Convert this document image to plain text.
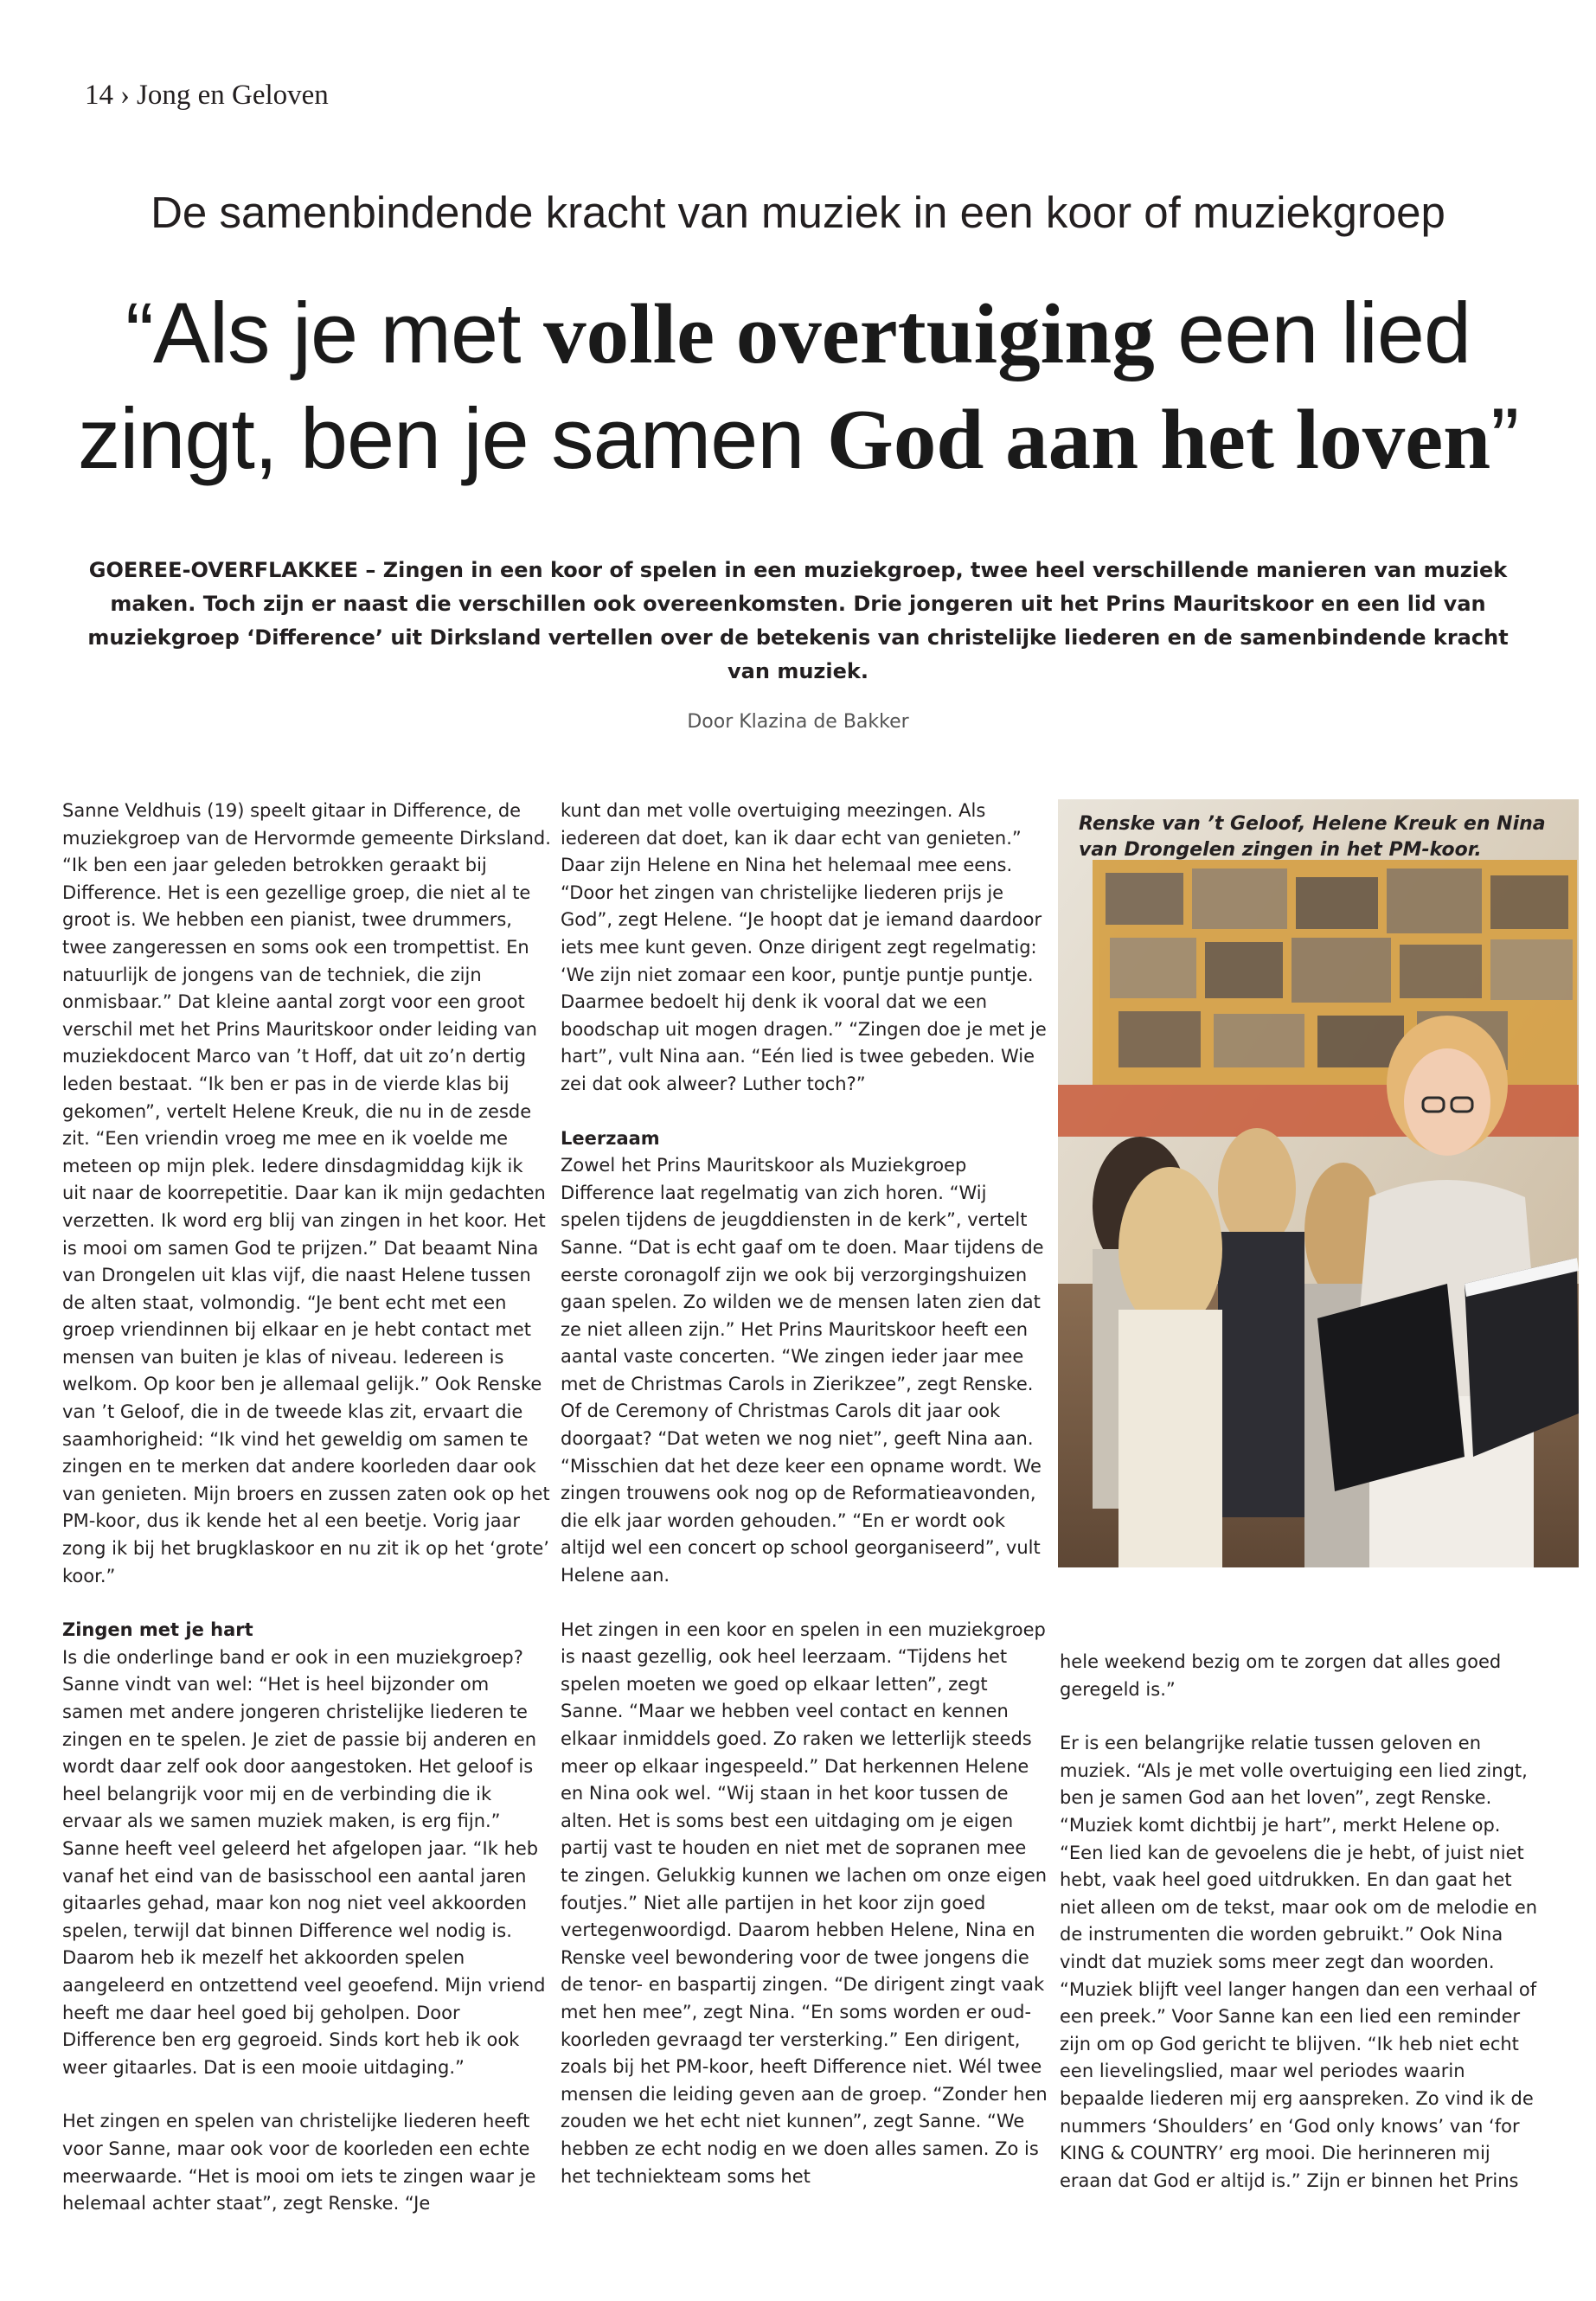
14 › Jong en Geloven
De samenbindende kracht van muziek in een koor of muziekgroep
“Als je met volle overtuiging een lied
zingt, ben je samen God aan het loven”
GOEREE-OVERFLAKKEE – Zingen in een koor of spelen in een muziekgroep, twee heel verschillende manieren van muziek maken. Toch zijn er naast die verschillen ook overeenkomsten. Drie jongeren uit het Prins Mauritskoor en een lid van muziekgroep ‘Difference’ uit Dirksland vertellen over de betekenis van christelijke liederen en de samenbindende kracht van muziek.
Door Klazina de Bakker

Sanne Veldhuis (19) speelt gitaar in Difference, de muziekgroep van de Hervormde gemeente Dirksland. “Ik ben een jaar geleden betrokken geraakt bij Difference. Het is een gezellige groep, die niet al te groot is. We hebben een pianist, twee drummers, twee zangeressen en soms ook een trompettist. En natuurlijk de jongens van de techniek, die zijn onmisbaar.” Dat kleine aantal zorgt voor een groot verschil met het Prins Mauritskoor onder leiding van muziekdocent Marco van ’t Hoff, dat uit zo’n dertig leden bestaat. “Ik ben er pas in de vierde klas bij gekomen”, vertelt Helene Kreuk, die nu in de zesde zit. “Een vriendin vroeg me mee en ik voelde me meteen op mijn plek. Iedere dinsdagmiddag kijk ik uit naar de koorrepetitie. Daar kan ik mijn gedachten verzetten. Ik word erg blij van zingen in het koor. Het is mooi om samen God te prijzen.” Dat beaamt Nina van Drongelen uit klas vijf, die naast Helene tussen de alten staat, volmondig. “Je bent echt met een groep vriendinnen bij elkaar en je hebt contact met mensen van buiten je klas of niveau. Iedereen is welkom. Op koor ben je allemaal gelijk.” Ook Renske van ’t Geloof, die in de tweede klas zit, ervaart die saamhorigheid: “Ik vind het geweldig om samen te zingen en te merken dat andere koorleden daar ook van genieten. Mijn broers en zussen zaten ook op het PM-koor, dus ik kende het al een beetje. Vorig jaar zong ik bij het brugklaskoor en nu zit ik op het ‘grote’ koor.”

Zingen met je hart

Is die onderlinge band er ook in een muziekgroep? Sanne vindt van wel: “Het is heel bijzonder om samen met andere jongeren christelijke liederen te zingen en te spelen. Je ziet de passie bij anderen en wordt daar zelf ook door aangestoken. Het geloof is heel belangrijk voor mij en de verbinding die ik ervaar als we samen muziek maken, is erg fijn.” Sanne heeft veel geleerd het afgelopen jaar. “Ik heb vanaf het eind van de basisschool een aantal jaren gitaarles gehad, maar kon nog niet veel akkoorden spelen, terwijl dat binnen Difference wel nodig is. Daarom heb ik mezelf het akkoorden spelen aangeleerd en ontzettend veel geoefend. Mijn vriend heeft me daar heel goed bij geholpen. Door Difference ben erg gegroeid. Sinds kort heb ik ook weer gitaarles. Dat is een mooie uitdaging.”

Het zingen en spelen van christelijke liederen heeft voor Sanne, maar ook voor de koorleden een echte meerwaarde. “Het is mooi om iets te zingen waar je helemaal achter staat”, zegt Renske. “Je

kunt dan met volle overtuiging meezingen. Als iedereen dat doet, kan ik daar echt van genieten.” Daar zijn Helene en Nina het helemaal mee eens. “Door het zingen van christelijke liederen prijs je God”, zegt Helene. “Je hoopt dat je iemand daardoor iets mee kunt geven. Onze dirigent zegt regelmatig: ‘We zijn niet zomaar een koor, puntje puntje puntje. Daarmee bedoelt hij denk ik vooral dat we een boodschap uit mogen dragen.” “Zingen doe je met je hart”, vult Nina aan. “Eén lied is twee gebeden. Wie zei dat ook alweer? Luther toch?”

Leerzaam

Zowel het Prins Mauritskoor als Muziekgroep Difference laat regelmatig van zich horen. “Wij spelen tijdens de jeugddiensten in de kerk”, vertelt Sanne. “Dat is echt gaaf om te doen. Maar tijdens de eerste coronagolf zijn we ook bij verzorgingshuizen gaan spelen. Zo wilden we de mensen laten zien dat ze niet alleen zijn.” Het Prins Mauritskoor heeft een aantal vaste concerten. “We zingen ieder jaar mee met de Christmas Carols in Zierikzee”, zegt Renske. Of de Ceremony of Christmas Carols dit jaar ook doorgaat? “Dat weten we nog niet”, geeft Nina aan. “Misschien dat het deze keer een opname wordt. We zingen trouwens ook nog op de Reformatieavonden, die elk jaar worden gehouden.” “En er wordt ook altijd wel een concert op school georganiseerd”, vult Helene aan.

Het zingen in een koor en spelen in een muziekgroep is naast gezellig, ook heel leerzaam. “Tijdens het spelen moeten we goed op elkaar letten”, zegt Sanne. “Maar we hebben veel contact en kennen elkaar inmiddels goed. Zo raken we letterlijk steeds meer op elkaar ingespeeld.” Dat herkennen Helene en Nina ook wel. “Wij staan in het koor tussen de alten. Het is soms best een uitdaging om je eigen partij vast te houden en niet met de sopranen mee te zingen. Gelukkig kunnen we lachen om onze eigen foutjes.” Niet alle partijen in het koor zijn goed vertegenwoordigd. Daarom hebben Helene, Nina en Renske veel bewondering voor de twee jongens die de tenor- en baspartij zingen. “De dirigent zingt vaak met hen mee”, zegt Nina. “En soms worden er oud-koorleden gevraagd ter versterking.” Een dirigent, zoals bij het PM-koor, heeft Difference niet. Wél twee mensen die leiding geven aan de groep. “Zonder hen zouden we het echt niet kunnen”, zegt Sanne. “We hebben ze echt nodig en we doen alles samen. Zo is het techniekteam soms het

Renske van ’t Geloof, Helene Kreuk en Nina van Drongelen zingen in het PM-koor.

hele weekend bezig om te zorgen dat alles goed geregeld is.”

Er is een belangrijke relatie tussen geloven en muziek. “Als je met volle overtuiging een lied zingt, ben je samen God aan het loven”, zegt Renske. “Muziek komt dichtbij je hart”, merkt Helene op. “Een lied kan de gevoelens die je hebt, of juist niet hebt, vaak heel goed uitdrukken. En dan gaat het niet alleen om de tekst, maar ook om de melodie en de instrumenten die worden gebruikt.” Ook Nina vindt dat muziek soms meer zegt dan woorden. “Muziek blijft veel langer hangen dan een verhaal of een preek.” Voor Sanne kan een lied een reminder zijn om op God gericht te blijven. “Ik heb niet echt een lievelingslied, maar wel periodes waarin bepaalde liederen mij erg aanspreken. Zo vind ik de nummers ‘Shoulders’ en ‘God only knows’ van ‘for KING & COUNTRY’ erg mooi. Die herinneren mij eraan dat God er altijd is.” Zijn er binnen het Prins
